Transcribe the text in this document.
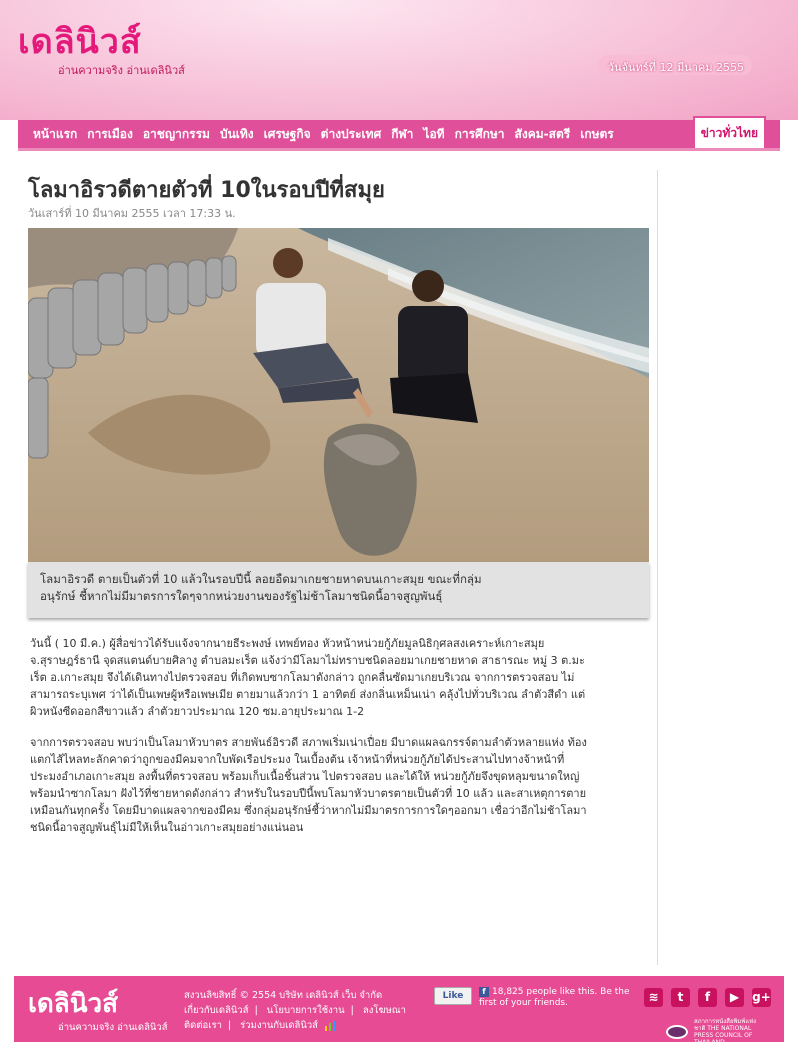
เดลินิวส์
อ่านความจริง อ่านเดลินิวส์	วันจันทร์ที่ 12 มีนาคม 2555
หน้าแรก การเมือง อาชญากรรม บันเทิง เศรษฐกิจ ต่างประเทศ กีฬา ไอที การศึกษา สังคม-สตรี เกษตร	ข่าวทั่วไทย
โลมาอิรวดีตายตัวที่ 10ในรอบปีที่สมุย
วันเสาร์ที่ 10 มีนาคม 2555 เวลา 17:33 น.
โลมาอิรวดี ตายเป็นตัวที่ 10 แล้วในรอบปีนี้ ลอยอืดมาเกยชายหาดบนเกาะสมุย ขณะที่กลุ่ม
อนุรักษ์ ชี้หากไม่มีมาตรการใดๆจากหน่วยงานของรัฐไม่ช้าโลมาชนิดนี้อาจสูญพันธุ์
วันนี้ ( 10 มี.ค.) ผู้สื่อข่าวได้รับแจ้งจากนายธีระพงษ์ เทพย์ทอง หัวหน้าหน่วยกู้ภัยมูลนิธิกุศลสงเคราะห์เกาะสมุย
จ.สุราษฎร์ธานี จุดสแตนด์บายศิลางู ตำบลมะเร็ต แจ้งว่ามีโลมาไม่ทราบชนิดลอยมาเกยชายหาด สาธารณะ หมู่ 3 ต.มะ
เร็ต อ.เกาะสมุย จึงได้เดินทางไปตรวจสอบ ที่เกิดพบซากโลมาดังกล่าว ถูกคลื่นซัดมาเกยบริเวณ จากการตรวจสอบ ไม่
สามารถระบุเพศ ว่าได้เป็นเพษผู้หรือเพษเมีย ตายมาแล้วกว่า 1 อาทิตย์ ส่งกลิ่นเหม็นเน่า คลุ้งไปทั่วบริเวณ ลำตัวสีดำ แต่
ผิวหนังซีดออกสีขาวแล้ว ลำตัวยาวประมาณ 120 ซม.อายุประมาณ 1-2
จากการตรวจสอบ พบว่าเป็นโลมาหัวบาตร สายพันธ์อิรวดี สภาพเริ่มเน่าเปื่อย มีบาดแผลฉกรรจ์ตามลำตัวหลายแห่ง ท้อง
แตกไส้ไหลทะลักคาดว่าถูกของมีคมจากใบพัดเรือประมง ในเบื้องต้น เจ้าหน้าที่หน่วยกู้ภัยได้ประสานไปทางจ้าหน้าที่
ประมงอำเภอเกาะสมุย ลงพื้นที่ตรวจสอบ พร้อมเก็บเนื้อชิ้นส่วน ไปตรวจสอบ และได้ให้ หน่วยกู้ภัยจึงขุดหลุมขนาดใหญ่
พร้อมนำซากโลมา ฝังไว้ที่ชายหาดดังกล่าว สำหรับในรอบปีนี้พบโลมาหัวบาตรตายเป็นตัวที่ 10 แล้ว และสาเหตุการตาย
เหมือนกันทุกครั้ง โดยมีบาดแผลจากของมีคม ซึ่งกลุ่มอนุรักษ์ชี้ว่าหากไม่มีมาตรการการใดๆออกมา เชื่อว่าอีกไม่ช้าโลมา
ชนิดนี้อาจสูญพันธุ์ไม่มีให้เห็นในอ่าวเกาะสมุยอย่างแน่นอน
เดลินิวส์
อ่านความจริง อ่านเดลินิวส์
สงวนลิขสิทธิ์ © 2554 บริษัท เดลินิวส์ เว็บ จำกัด
เกี่ยวกับเดลินิวส์ | นโยบายการใช้งาน | ลงโฆษณา
ติดต่อเรา | ร่วมงานกับเดลินิวส์
Like	f 18,825 people like this. Be the first of your friends.	≋	t	f	▶	g+
สภาการหนังสือพิมพ์แห่งชาติ THE NATIONAL PRESS COUNCIL OF THAILAND
